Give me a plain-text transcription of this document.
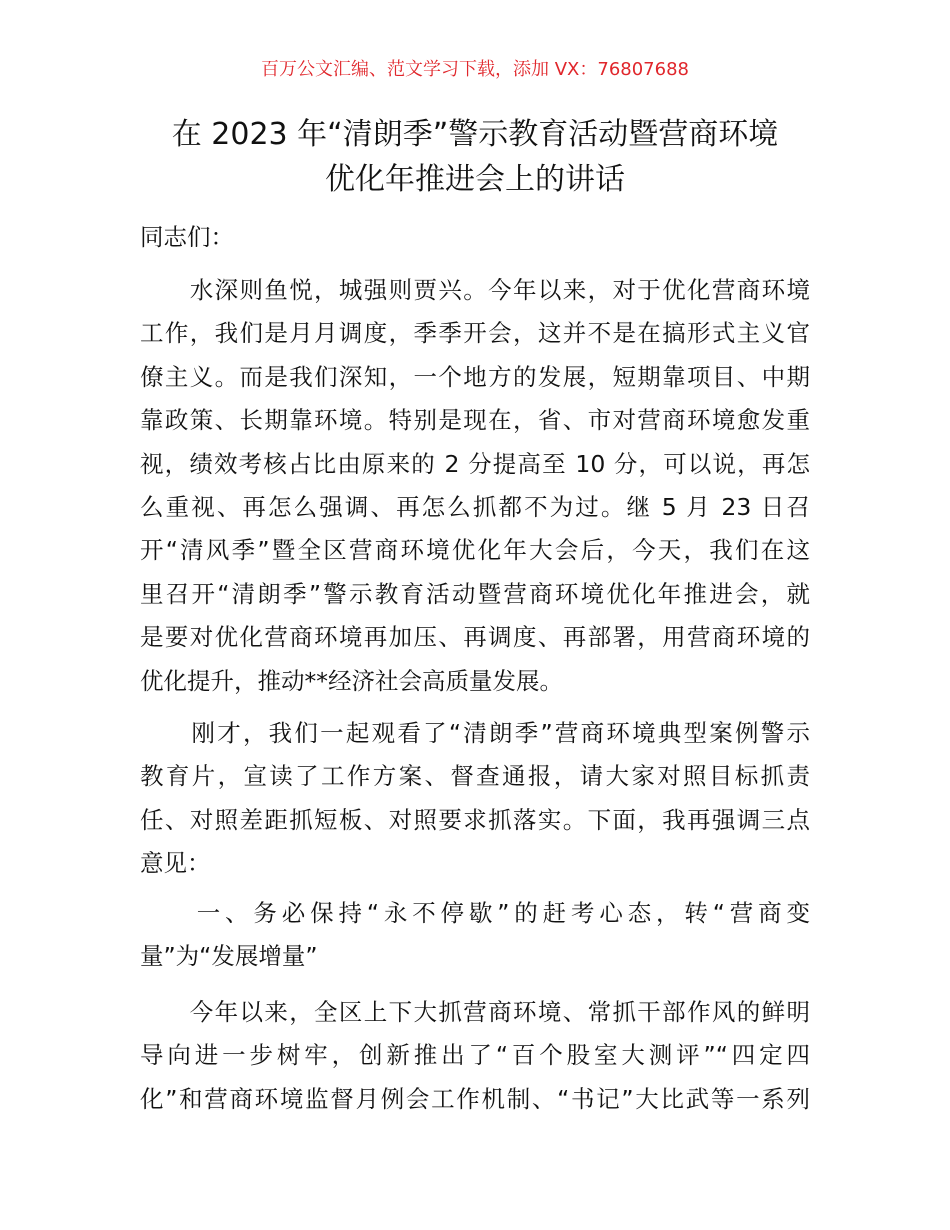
百万公文汇编、范文学习下载，添加 VX：76807688
在 2023 年“清朗季”警示教育活动暨营商环境
优化年推进会上的讲话
同志们：
　　水深则鱼悦，城强则贾兴。今年以来，对于优化营商环境
工作，我们是月月调度，季季开会，这并不是在搞形式主义官
僚主义。而是我们深知，一个地方的发展，短期靠项目、中期
靠政策、长期靠环境。特别是现在，省、市对营商环境愈发重
视，绩效考核占比由原来的 2 分提高至 10 分，可以说，再怎
么重视、再怎么强调、再怎么抓都不为过。继 5 月 23 日召
开“清风季”暨全区营商环境优化年大会后，今天，我们在这
里召开“清朗季”警示教育活动暨营商环境优化年推进会，就
是要对优化营商环境再加压、再调度、再部署，用营商环境的
优化提升，推动**经济社会高质量发展。
　　刚才，我们一起观看了“清朗季”营商环境典型案例警示
教育片，宣读了工作方案、督查通报，请大家对照目标抓责
任、对照差距抓短板、对照要求抓落实。下面，我再强调三点
意见：
　　一、务必保持“永不停歇”的赶考心态，转“营商变
量”为“发展增量”
　　今年以来，全区上下大抓营商环境、常抓干部作风的鲜明
导向进一步树牢，创新推出了“百个股室大测评”“四定四
化”和营商环境监督月例会工作机制、“书记”大比武等一系列
